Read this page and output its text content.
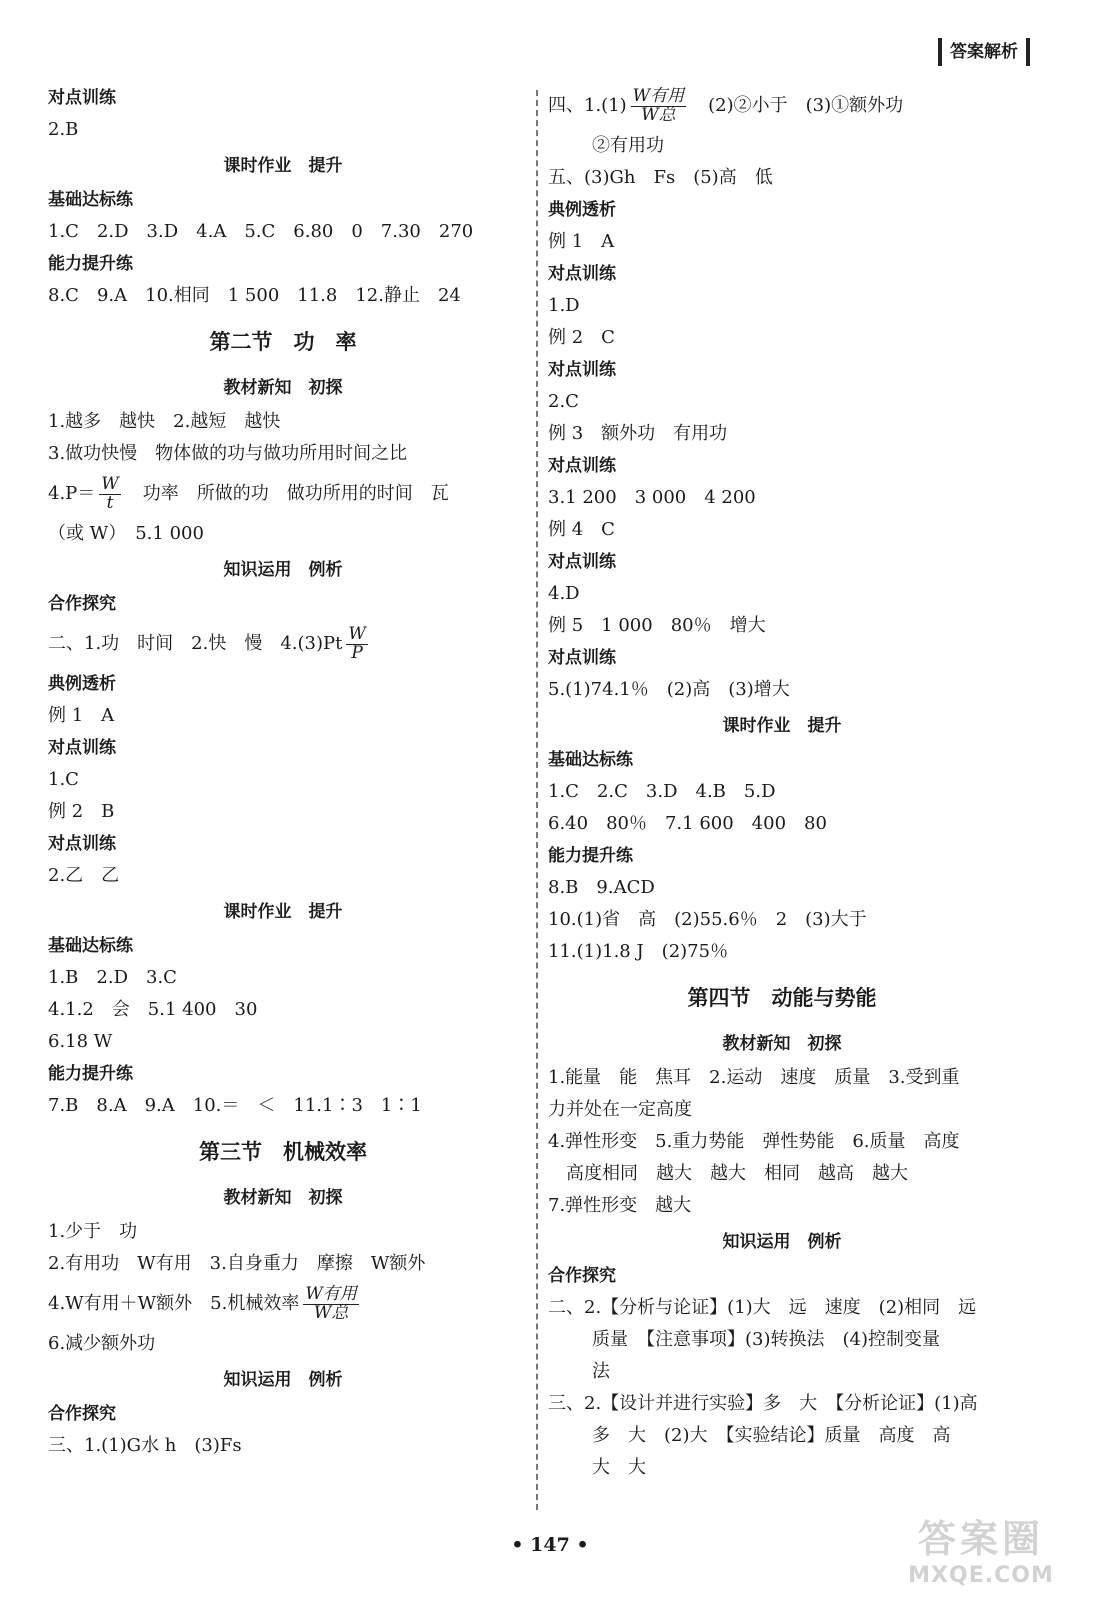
答案解析
对点训练
2.B
课时作业　提升
基础达标练
1.C　2.D　3.D　4.A　5.C　6.80　0　7.30　270
能力提升练
8.C　9.A　10.相同　1 500　11.8　12.静止　24
第二节　功　率
教材新知　初探
1.越多　越快　2.越短　越快
3.做功快慢　物体做的功与做功所用时间之比
$4.P= \frac{W}{t}$ 　功率　所做的功　做功所用的时间　瓦
（或 W）　5.1 000
知识运用　例析
合作探究
二、1.功　时间　2.快　慢　$4.(3)Pt \frac{W}{P}$
典例透析
例 1　A
对点训练
1.C
例 2　B
对点训练
2.乙　乙
课时作业　提升
基础达标练
1.B　2.D　3.C
4.1.2　会　5.1 400　30
6.18 W
能力提升练
7.B　8.A　9.A　10.＝　＜　11.1∶3　1∶1
第三节　机械效率
教材新知　初探
1.少于　功
2.有用功　W有用　3.自身重力　摩擦　W额外
4.W有用＋W额外　5.机械效率 $\frac{\text{W有用}}{\text{W总}}$
6.减少额外功
知识运用　例析
合作探究
三、1.(1)G水 h　(3)Fs
四、$1.(1) \frac{\text{W有用}}{\text{W总}}$ 　(2)②小于　(3)①额外功
②有用功
五、(3)Gh　Fs　(5)高　低
典例透析
例 1　A
对点训练
1.D
例 2　C
对点训练
2.C
例 3　额外功　有用功
对点训练
3.1 200　3 000　4 200
例 4　C
对点训练
4.D
例 5　1 000　80％　增大
对点训练
5.(1)74.1％　(2)高　(3)增大
课时作业　提升
基础达标练
1.C　2.C　3.D　4.B　5.D
6.40　80％　7.1 600　400　80
能力提升练
8.B　9.ACD
10.(1)省　高　(2)55.6％　2　(3)大于
11.(1)1.8 J　(2)75％
第四节　动能与势能
教材新知　初探
1.能量　能　焦耳　2.运动　速度　质量　3.受到重
力并处在一定高度
4.弹性形变　5.重力势能　弹性势能　6.质量　高度
高度相同　越大　越大　相同　越高　越大
7.弹性形变　越大
知识运用　例析
合作探究
二、2.【分析与论证】(1)大　远　速度　(2)相同　远
质量　【注意事项】(3)转换法　(4)控制变量
法
三、2.【设计并进行实验】多　大　【分析论证】(1)高
多　大　(2)大　【实验结论】质量　高度　高
大　大
• 147 •	答案圈
MXQE.COM
